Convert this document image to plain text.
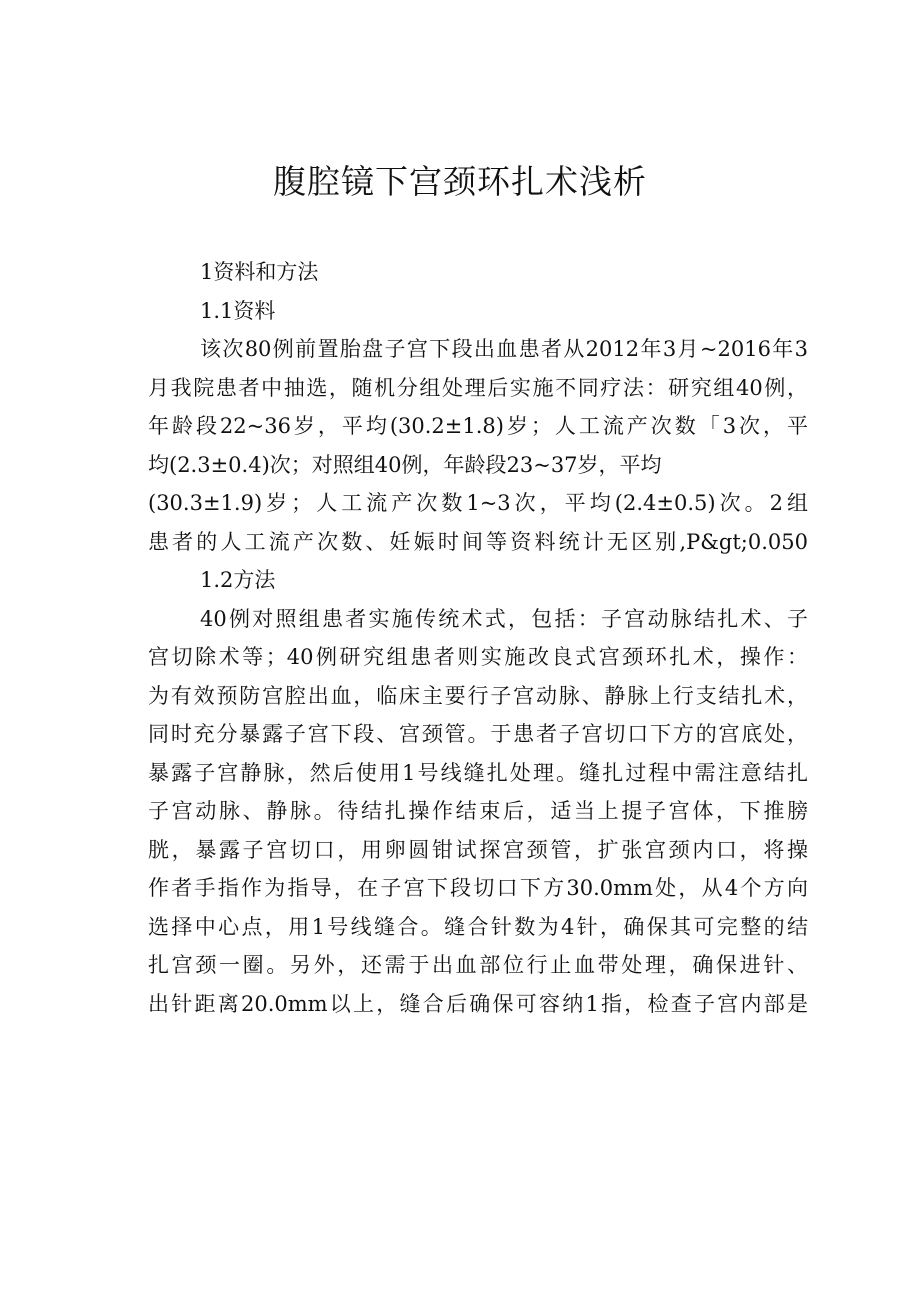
腹腔镜下宫颈环扎术浅析
1资料和方法
1.1资料
该次80例前置胎盘子宫下段出血患者从2012年3月~2016年3
月我院患者中抽选，随机分组处理后实施不同疗法：研究组40例，
年龄段22~36岁，平均(30.2±1.8)岁；人工流产次数「3次，平
均(2.3±0.4)次；对照组40例，年龄段23~37岁，平均
(30.3±1.9)岁；人工流产次数1~3次，平均(2.4±0.5)次。2组
患者的人工流产次数、妊娠时间等资料统计无区别,P&gt;0.050
1.2方法
40例对照组患者实施传统术式，包括：子宫动脉结扎术、子
宫切除术等；40例研究组患者则实施改良式宫颈环扎术，操作：
为有效预防宫腔出血，临床主要行子宫动脉、静脉上行支结扎术，
同时充分暴露子宫下段、宫颈管。于患者子宫切口下方的宫底处，
暴露子宫静脉，然后使用1号线缝扎处理。缝扎过程中需注意结扎
子宫动脉、静脉。待结扎操作结束后，适当上提子宫体，下推膀
胱，暴露子宫切口，用卵圆钳试探宫颈管，扩张宫颈内口，将操
作者手指作为指导，在子宫下段切口下方30.0mm处，从4个方向
选择中心点，用1号线缝合。缝合针数为4针，确保其可完整的结
扎宫颈一圈。另外，还需于出血部位行止血带处理，确保进针、
出针距离20.0mm以上，缝合后确保可容纳1指，检查子宫内部是
